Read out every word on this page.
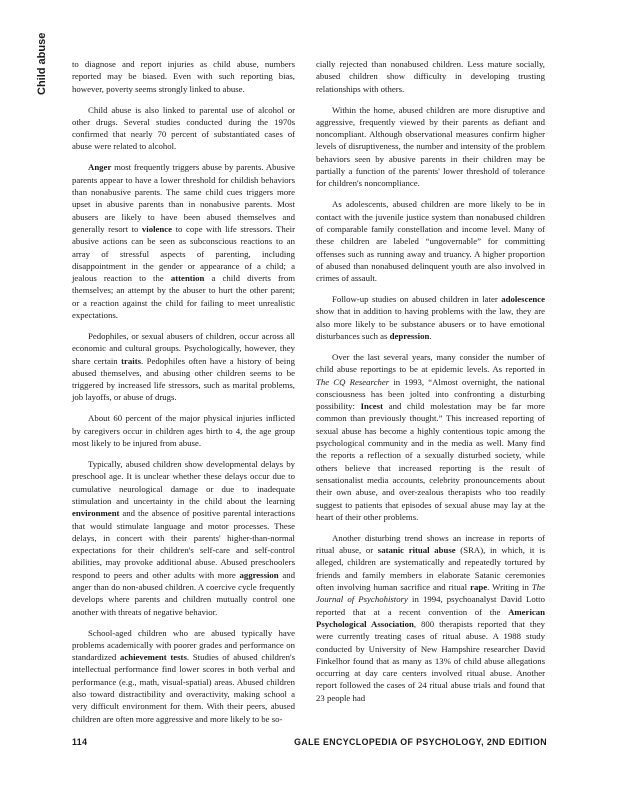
Child abuse	to diagnose and report injuries as child abuse, numbers reported may be biased. Even with such reporting bias, however, poverty seems strongly linked to abuse.

Child abuse is also linked to parental use of alcohol or other drugs. Several studies conducted during the 1970s confirmed that nearly 70 percent of substantiated cases of abuse were related to alcohol.

Anger most frequently triggers abuse by parents. Abusive parents appear to have a lower threshold for childish behaviors than nonabusive parents. The same child cues triggers more upset in abusive parents than in nonabusive parents. Most abusers are likely to have been abused themselves and generally resort to violence to cope with life stressors. Their abusive actions can be seen as subconscious reactions to an array of stressful aspects of parenting, including disappointment in the gender or appearance of a child; a jealous reaction to the attention a child diverts from themselves; an attempt by the abuser to hurt the other parent; or a reaction against the child for failing to meet unrealistic expectations.

Pedophiles, or sexual abusers of children, occur across all economic and cultural groups. Psychologically, however, they share certain traits. Pedophiles often have a history of being abused themselves, and abusing other children seems to be triggered by increased life stressors, such as marital problems, job layoffs, or abuse of drugs.

About 60 percent of the major physical injuries inflicted by caregivers occur in children ages birth to 4, the age group most likely to be injured from abuse.

Typically, abused children show developmental delays by preschool age. It is unclear whether these delays occur due to cumulative neurological damage or due to inadequate stimulation and uncertainty in the child about the learning environment and the absence of positive parental interactions that would stimulate language and motor processes. These delays, in concert with their parents' higher-than-normal expectations for their children's self-care and self-control abilities, may provoke additional abuse. Abused preschoolers respond to peers and other adults with more aggression and anger than do non-abused children. A coercive cycle frequently develops where parents and children mutually control one another with threats of negative behavior.

School-aged children who are abused typically have problems academically with poorer grades and performance on standardized achievement tests. Studies of abused children's intellectual performance find lower scores in both verbal and performance (e.g., math, visual-spatial) areas. Abused children also toward distractibility and overactivity, making school a very difficult environment for them. With their peers, abused children are often more aggressive and more likely to be so-

cially rejected than nonabused children. Less mature socially, abused children show difficulty in developing trusting relationships with others.

Within the home, abused children are more disruptive and aggressive, frequently viewed by their parents as defiant and noncompliant. Although observational measures confirm higher levels of disruptiveness, the number and intensity of the problem behaviors seen by abusive parents in their children may be partially a function of the parents' lower threshold of tolerance for children's noncompliance.

As adolescents, abused children are more likely to be in contact with the juvenile justice system than nonabused children of comparable family constellation and income level. Many of these children are labeled “ungovernable” for committing offenses such as running away and truancy. A higher proportion of abused than nonabused delinquent youth are also involved in crimes of assault.

Follow-up studies on abused children in later adolescence show that in addition to having problems with the law, they are also more likely to be substance abusers or to have emotional disturbances such as depression.

Over the last several years, many consider the number of child abuse reportings to be at epidemic levels. As reported in The CQ Researcher in 1993, “Almost overnight, the national consciousness has been jolted into confronting a disturbing possibility: Incest and child molestation may be far more common than previously thought.” This increased reporting of sexual abuse has become a highly contentious topic among the psychological community and in the media as well. Many find the reports a reflection of a sexually disturbed society, while others believe that increased reporting is the result of sensationalist media accounts, celebrity pronouncements about their own abuse, and over-zealous therapists who too readily suggest to patients that episodes of sexual abuse may lay at the heart of their other problems.

Another disturbing trend shows an increase in reports of ritual abuse, or satanic ritual abuse (SRA), in which, it is alleged, children are systematically and repeatedly tortured by friends and family members in elaborate Satanic ceremonies often involving human sacrifice and ritual rape. Writing in The Journal of Psychohistory in 1994, psychoanalyst David Lotto reported that at a recent convention of the American Psychological Association, 800 therapists reported that they were currently treating cases of ritual abuse. A 1988 study conducted by University of New Hampshire researcher David Finkelhor found that as many as 13% of child abuse allegations occurring at day care centers involved ritual abuse. Another report followed the cases of 24 ritual abuse trials and found that 23 people had

114	GALE ENCYCLOPEDIA OF PSYCHOLOGY, 2ND EDITION
